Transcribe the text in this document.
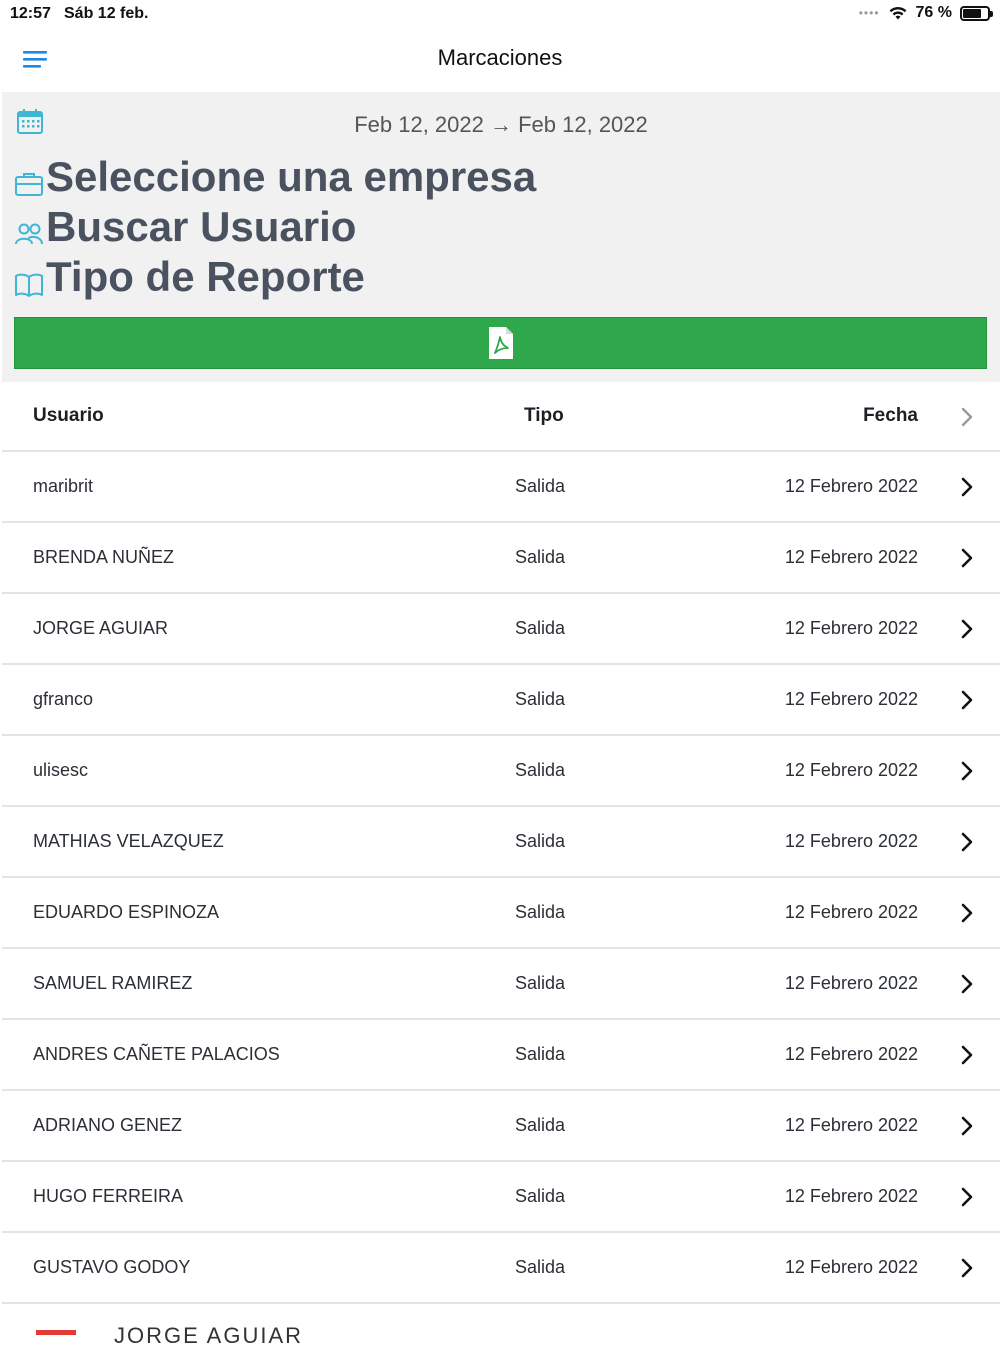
12:57 Sáb 12 feb.	•••• 76 %
Marcaciones
Feb 12, 2022 → Feb 12, 2022
Seleccione una empresa
Buscar Usuario
Tipo de Reporte
Usuario	Tipo	Fecha
maribrit	Salida	12 Febrero 2022
BRENDA NUÑEZ	Salida	12 Febrero 2022
JORGE AGUIAR	Salida	12 Febrero 2022
gfranco	Salida	12 Febrero 2022
ulisesc	Salida	12 Febrero 2022
MATHIAS VELAZQUEZ	Salida	12 Febrero 2022
EDUARDO ESPINOZA	Salida	12 Febrero 2022
SAMUEL RAMIREZ	Salida	12 Febrero 2022
ANDRES CAÑETE PALACIOS	Salida	12 Febrero 2022
ADRIANO GENEZ	Salida	12 Febrero 2022
HUGO FERREIRA	Salida	12 Febrero 2022
GUSTAVO GODOY	Salida	12 Febrero 2022
JORGE AGUIAR
